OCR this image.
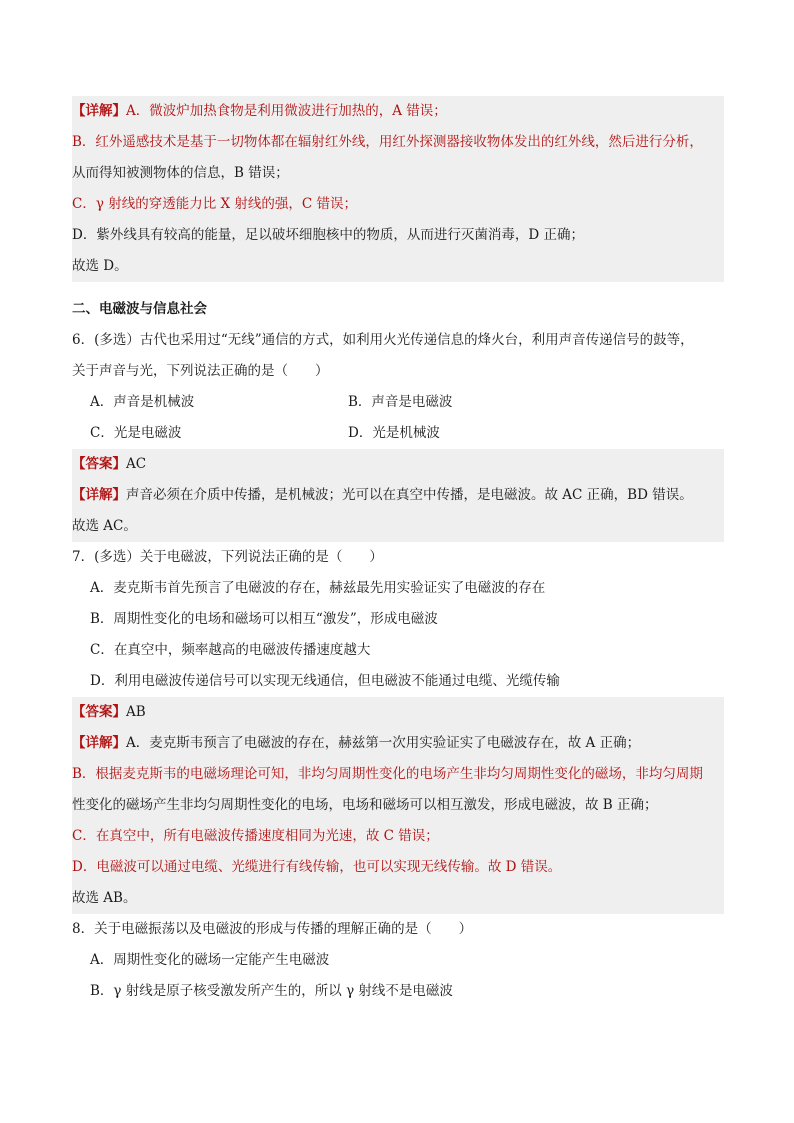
【详解】A．微波炉加热食物是利用微波进行加热的，A 错误；
B．红外遥感技术是基于一切物体都在辐射红外线，用红外探测器接收物体发出的红外线，然后进行分析，
从而得知被测物体的信息，B 错误；
C．γ 射线的穿透能力比 X 射线的强，C 错误；
D．紫外线具有较高的能量，足以破坏细胞核中的物质，从而进行灭菌消毒，D 正确；
故选 D。
二、电磁波与信息社会
6．(多选）古代也采用过“无线”通信的方式，如利用火光传递信息的烽火台，利用声音传递信号的鼓等，
关于声音与光，下列说法正确的是（　　）
A．声音是机械波	B．声音是电磁波
C．光是电磁波	D．光是机械波
【答案】AC
【详解】声音必须在介质中传播，是机械波；光可以在真空中传播，是电磁波。故 AC 正确，BD 错误。
故选 AC。
7．(多选）关于电磁波，下列说法正确的是（　　）
A．麦克斯韦首先预言了电磁波的存在，赫兹最先用实验证实了电磁波的存在
B．周期性变化的电场和磁场可以相互“激发”，形成电磁波
C．在真空中，频率越高的电磁波传播速度越大
D．利用电磁波传递信号可以实现无线通信，但电磁波不能通过电缆、光缆传输
【答案】AB
【详解】A．麦克斯韦预言了电磁波的存在，赫兹第一次用实验证实了电磁波存在，故 A 正确；
B．根据麦克斯韦的电磁场理论可知，非均匀周期性变化的电场产生非均匀周期性变化的磁场，非均匀周期
性变化的磁场产生非均匀周期性变化的电场，电场和磁场可以相互激发，形成电磁波，故 B 正确；
C．在真空中，所有电磁波传播速度相同为光速，故 C 错误；
D．电磁波可以通过电缆、光缆进行有线传输，也可以实现无线传输。故 D 错误。
故选 AB。
8．关于电磁振荡以及电磁波的形成与传播的理解正确的是（　　）
A．周期性变化的磁场一定能产生电磁波
B．γ 射线是原子核受激发所产生的，所以 γ 射线不是电磁波
